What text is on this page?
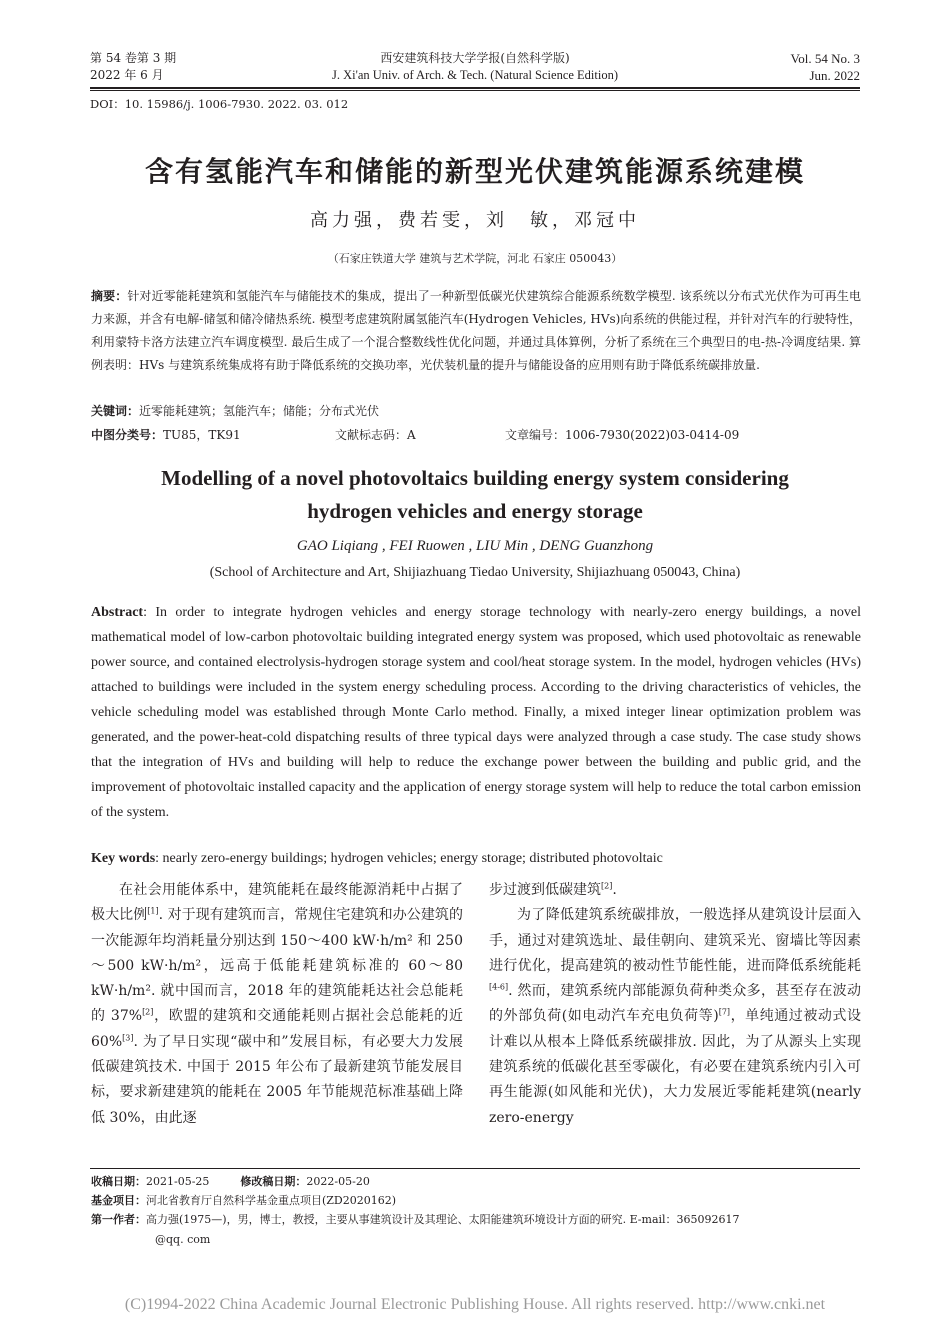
第 54 卷第 3 期
2022 年 6 月
西安建筑科技大学学报(自然科学版)
J. Xi'an Univ. of Arch. & Tech. (Natural Science Edition)
Vol. 54 No. 3
Jun. 2022
DOI：10. 15986/j. 1006-7930. 2022. 03. 012
含有氢能汽车和储能的新型光伏建筑能源系统建模
高力强，费若雯，刘　敏，邓冠中
（石家庄铁道大学 建筑与艺术学院，河北 石家庄 050043）
摘要：针对近零能耗建筑和氢能汽车与储能技术的集成，提出了一种新型低碳光伏建筑综合能源系统数学模型. 该系统以分布式光伏作为可再生电力来源，并含有电解-储氢和储冷储热系统. 模型考虑建筑附属氢能汽车(Hydrogen Vehicles, HVs)向系统的供能过程，并针对汽车的行驶特性，利用蒙特卡洛方法建立汽车调度模型. 最后生成了一个混合整数线性优化问题，并通过具体算例，分析了系统在三个典型日的电-热-冷调度结果. 算例表明：HVs 与建筑系统集成将有助于降低系统的交换功率，光伏装机量的提升与储能设备的应用则有助于降低系统碳排放量.
关键词：近零能耗建筑；氢能汽车；储能；分布式光伏
中图分类号：TU85，TK91	文献标志码：A	文章编号：1006-7930(2022)03-0414-09
Modelling of a novel photovoltaics building energy system considering
hydrogen vehicles and energy storage
GAO Liqiang , FEI Ruowen , LIU Min , DENG Guanzhong
(School of Architecture and Art, Shijiazhuang Tiedao University, Shijiazhuang 050043, China)
Abstract: In order to integrate hydrogen vehicles and energy storage technology with nearly-zero energy buildings, a novel mathematical model of low-carbon photovoltaic building integrated energy system was proposed, which used photovoltaic as renewable power source, and contained electrolysis-hydrogen storage system and cool/heat storage system. In the model, hydrogen vehicles (HVs) attached to buildings were included in the system energy scheduling process. According to the driving characteristics of vehicles, the vehicle scheduling model was established through Monte Carlo method. Finally, a mixed integer linear optimization problem was generated, and the power-heat-cold dispatching results of three typical days were analyzed through a case study. The case study shows that the integration of HVs and building will help to reduce the exchange power between the building and public grid, and the improvement of photovoltaic installed capacity and the application of energy storage system will help to reduce the total carbon emission of the system.
Key words: nearly zero-energy buildings; hydrogen vehicles; energy storage; distributed photovoltaic

在社会用能体系中，建筑能耗在最终能源消耗中占据了极大比例[1]. 对于现有建筑而言，常规住宅建筑和办公建筑的一次能源年均消耗量分别达到 150～400 kW·h/m² 和 250～500 kW·h/m²，远高于低能耗建筑标准的 60～80 kW·h/m². 就中国而言，2018 年的建筑能耗达社会总能耗的 37%[2]，欧盟的建筑和交通能耗则占据社会总能耗的近 60%[3]. 为了早日实现“碳中和”发展目标，有必要大力发展低碳建筑技术. 中国于 2015 年公布了最新建筑节能发展目标，要求新建建筑的能耗在 2005 年节能规范标准基础上降低 30%，由此逐

步过渡到低碳建筑[2].

为了降低建筑系统碳排放，一般选择从建筑设计层面入手，通过对建筑选址、最佳朝向、建筑采光、窗墙比等因素进行优化，提高建筑的被动性节能性能，进而降低系统能耗[4-6]. 然而，建筑系统内部能源负荷种类众多，甚至存在波动的外部负荷(如电动汽车充电负荷等)[7]，单纯通过被动式设计难以从根本上降低系统碳排放. 因此，为了从源头上实现建筑系统的低碳化甚至零碳化，有必要在建筑系统内引入可再生能源(如风能和光伏)，大力发展近零能耗建筑(nearly zero-energy

收稿日期：2021-05-25	修改稿日期：2022-05-20
基金项目：河北省教育厅自然科学基金重点项目(ZD2020162)
第一作者：高力强(1975—)，男，博士，教授，主要从事建筑设计及其理论、太阳能建筑环境设计方面的研究. E-mail：365092617
@qq. com
(C)1994-2022 China Academic Journal Electronic Publishing House. All rights reserved. http://www.cnki.net
